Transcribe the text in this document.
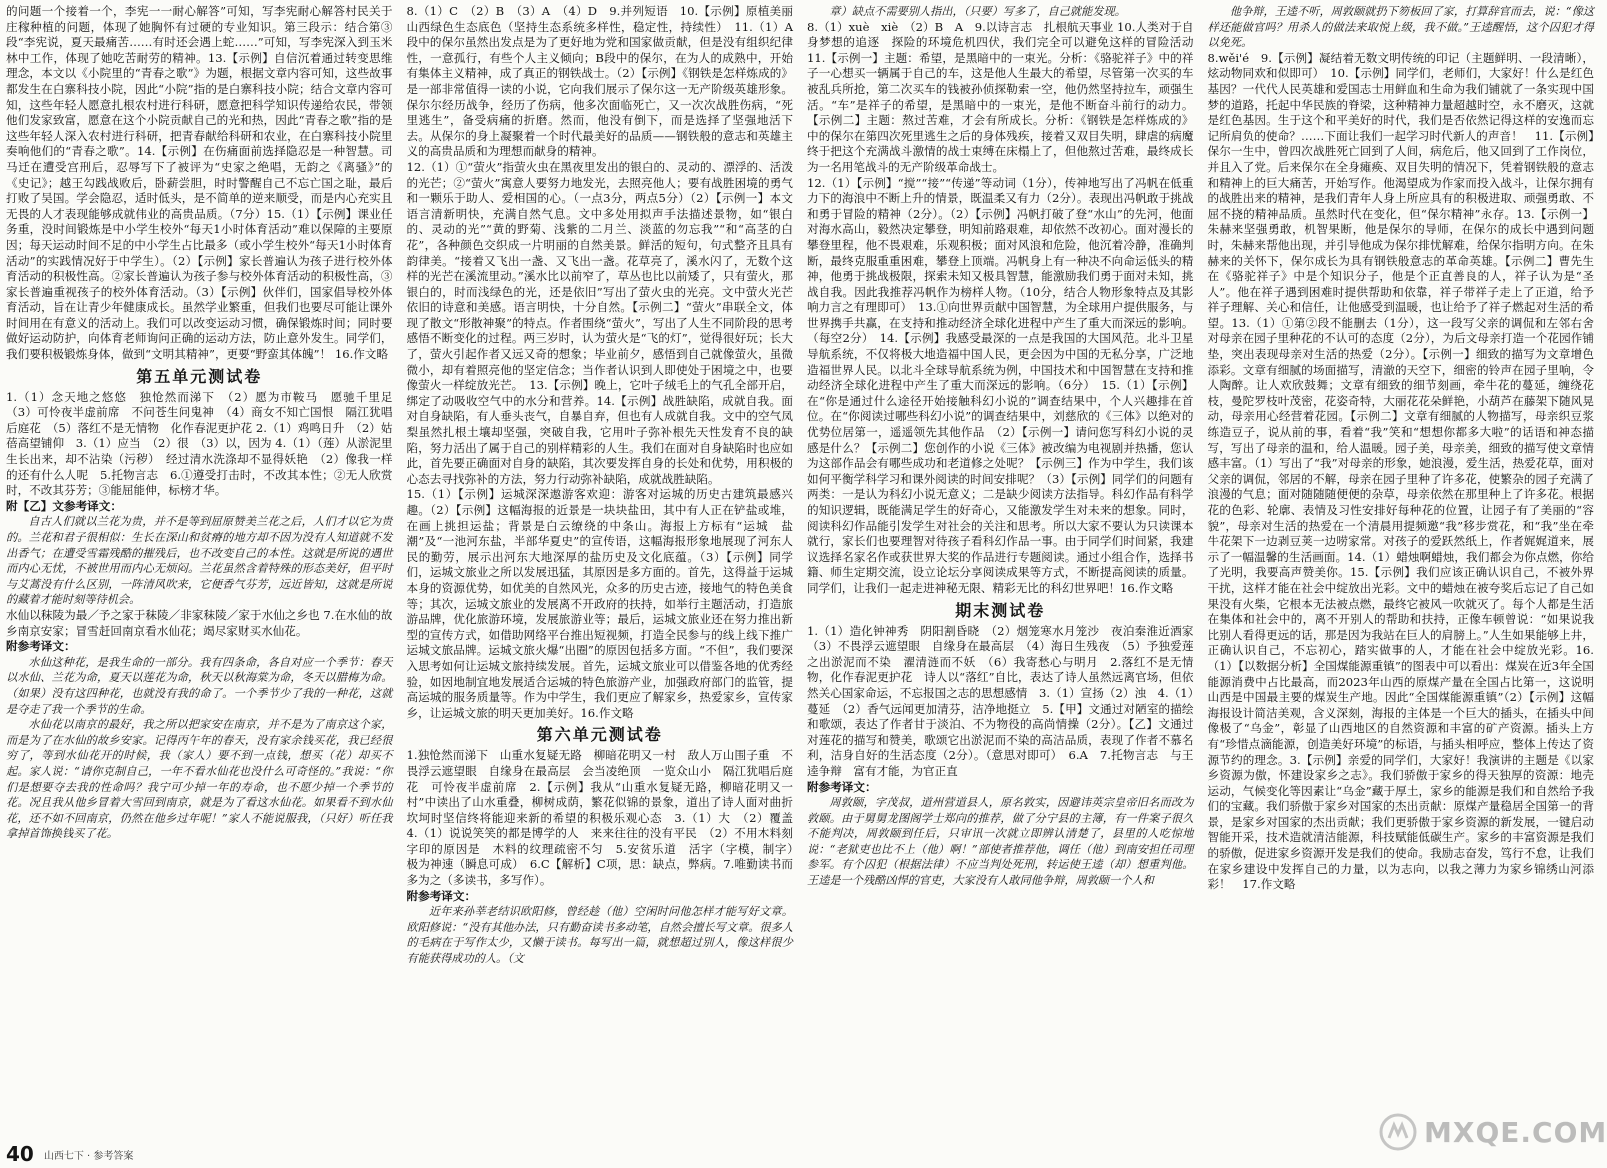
的问题一个接着一个，李宪一一耐心解答”可知，写李宪耐心解答村民关于庄稼种植的问题，体现了她胸怀有过硬的专业知识。第三段示：结合第③段“李宪说，夏天最痛苦……有时还会遇上蛇……”可知，写李宪深入到玉米林中工作，体现了她吃苦耐劳的精神。13.【示例】自信沉着通过转变思维理念，本文以《小院里的“青春之歌”》为题，根据文章内容可知，这些故事都发生在白寨科技小院，因此“小院”指的是白寨科技小院；结合文章内容可知，这些年轻人愿意扎根农村进行科研，愿意把科学知识传递给农民，带领他们发家致富，愿意在这个小院贡献自己的光和热，因此“青春之歌”指的是这些年轻人深入农村进行科研，把青春献给科研和农业，在白寨科技小院里奏响他们的“青春之歌”。14.【示例】在伤痛面前选择隐忍是一种智慧。司马迁在遭受宫刑后，忍辱写下了被评为“史家之绝唱，无韵之《离骚》”的《史记》；越王勾践战败后，卧薪尝胆，时时警醒自己不忘亡国之耻，最后打败了吴国。学会隐忍，适时低头，是不简单的逆来顺受，而是内心充实且无畏的人才表现能够成就伟业的高贵品质。（7分）15.（1）【示例】课业任务重，没时间锻炼是中小学生校外“每天1小时体育活动”难以保障的主要原因；每天运动时间不足的中小学生占比最多（或小学生校外“每天1小时体育活动”的实践情况好于中学生）。（2）【示例】家长普遍认为孩子进行校外体育活动的积极性高。②家长普遍认为孩子参与校外体育活动的积极性高，③家长普遍重视孩子的校外体育活动。（3）【示例】伙伴们，国家倡导校外体育活动，旨在让青少年健康成长。虽然学业繁重，但我们也要尽可能让课外时间用在有意义的活动上。我们可以改变运动习惯，确保锻炼时间；同时要做好运动防护，向体育老师询问正确的运动方法，防止意外发生。同学们，我们要积极锻炼身体，做到“文明其精神”，更要“野蛮其体魄”！ 16.作文略

第五单元测试卷

1.（1）念天地之悠悠　独怆然而涕下　（2）愿为市鞍马　愿驰千里足　（3）可怜夜半虚前席　不问苍生问鬼神　（4）商女不知亡国恨　隔江犹唱后庭花　（5）落红不是无情物　化作春泥更护花 2.（1）鸡鸣日升　（2）姑蓓高望铺仰　3.（1）应当　（2）很　（3）以，因为 4.（1）（莲）从淤泥里生长出来，却不沾染（污秽）　经过清水洗涤却不显得妖艳　（2）像我一样的还有什么人呢　5.托物言志　6.①遵受打击时，不改其本性；②无人欣赏时，不改其芬芳；③能屈能伸，标榜才华。

附【乙】文参考译文：

自古人们就以兰花为贵，并不是等到屈原赞美兰花之后，人们才以它为贵的。兰花和君子很相似：生长在深山和贫瘠的地方却不因为没有人知道就不发出香气；在遭受雪霜残酷的摧残后，也不改变自己的本性。这就是所说的遇世而内心无忧，不被世用而内心无烦闷。兰花虽然含着特殊的形态美好，但平时与艾蒿没有什么区别，一阵清风吹来，它便香气芬芳，远近皆知，这就是所说的藏着才能时刻等待机会。

水仙以秣陵为最／予之家于秣陵／非家秣陵／家于水仙之乡也 7.在水仙的故乡南京安家；冒雪赶回南京看水仙花；竭尽家财买水仙花。

附参考译文：

水仙这种花，是我生命的一部分。我有四条命，各自对应一个季节：春天以水仙、兰花为命，夏天以莲花为命，秋天以秋海棠为命，冬天以腊梅为命。（如果）没有这四种花，也就没有我的命了。一个季节少了我的一种花，这就是夺走了我一个季节的生命。

水仙花以南京的最好，我之所以把家安在南京，并不是为了南京这个家，而是为了在水仙的故乡安家。记得丙午年的春天，没有家余钱买花，我已经很穷了，等到水仙花开的时候，我（家人）要不到一点钱，想买（花）却买不起。家人说：“请你克制自己，一年不看水仙花也没什么可奇怪的。”我说：“你们是想要夺去我的性命吗？我宁可少掉一年的寿命，也不愿少掉一个季节的花。况且我从他乡冒着大雪回到南京，就是为了看这水仙花。如果看不到水仙花，还不如不回南京，仍然在他乡过年呢！”家人不能说服我，（只好）听任我拿掉首饰换钱买了花。

8.（1）C　（2）B　（3）A　（4）D　9.并列短语　10.【示例】原植美丽山西绿色生态底色（坚持生态系统多样性，稳定性，持续性）　11.（1）A段中的保尔虽然出发点是为了更好地为党和国家做贡献，但是没有组织纪律性，一意孤行，有些个人主义倾向；B段中的保尔，在为人的成熟中，开始有集体主义精神，成了真正的钢铁战士。（2）【示例】《钢铁是怎样炼成的》是一部非常值得一读的小说，它向我们展示了保尔这一无产阶级英雄形象。保尔尔经历战争，经历了伤病，他多次面临死亡，又一次次战胜伤病，“死里逃生”，备受病痛的折磨。然而，他没有倒下，而是选择了坚强地活下去。从保尔的身上凝聚着一个时代最美好的品质——钢铁般的意志和英雄主义的高贵品质和为理想而献身的精神。

12.（1）①“萤火”指萤火虫在黑夜里发出的银白的、灵动的、漂浮的、活泼的光芒；②“萤火”寓意人要努力地发光，去照亮他人；要有战胜困境的勇气和一颗乐于助人、爱相国的心。（一点3分，两点5分）（2）【示例一】本文语言清新明快，充满自然气息。文中多处用拟声手法描述景物，如“银白的、灵动的光”“黄的野菊、浅紫的二月兰、淡蓝的勿忘我”“和“高茎的白花”，各种颜色交织成一片明丽的自然美景。鲜活的短句，句式整齐且具有韵律美。“接着又飞出一盏、又飞出一盏。花草亮了，溪水闪了，无数个这样的光芒在溪流里动。”溪水比以前窄了，草丛也比以前矮了，只有萤火，那银白的，时而浅绿色的光，还是依旧”写出了萤火虫的光亮。文中萤火光芒依旧的诗意和美感。语言明快，十分自然。【示例二】“萤火”串联全文，体现了散文“形散神聚”的特点。作者围绕“萤火”，写出了人生不同阶段的思考感悟不断变化的过程。两三岁时，认为萤火是“飞的灯”，觉得很好玩；长大了，萤火引起作者又远又奇的想象；毕业前夕，感悟到自己就像萤火，虽微微小，却有着照亮他的坚定信念；当作者认识到人即使处于困境之中，也要像萤火一样绽放光芒。　13.【示例】晚上，它叶子绒毛上的气孔全部开启，绑定了动吸收空气中的水分和营养。14.【示例】战胜缺陷，成就自我。面对自身缺陷，有人垂头丧气，自暴自弃，但也有人成就自我。文中的空气凤梨虽然扎根土壤却坚强，突破自我，它用叶子弥补根先天性发育不良的缺陷，努力活出了属于自己的别样精彩的人生。我们在面对自身缺陷时也应如此，首先要正确面对自身的缺陷，其次要发挥自身的长处和优势，用积极的心态去寻找弥补的方法，努力行动弥补缺陷，成就战胜缺陷。

15.（1）【示例】运城深深遨游客欢迎：游客对运城的历史古建筑最感兴趣。（2）【示例】这幅海报的近景是一块块盐田，其中有人正在铲盐或堆，在画上挑担运盐；背景是白云缭绕的中条山。海报上方标有“运城　盐潮”及“一池河东盐，半部华夏史”的宣传语，这幅海报形象地展现了河东人民的勤劳，展示出河东大地深厚的盐历史及文化底蕴。（3）【示例】同学们，运城文旅业之所以发展迅猛，其原因是多方面的。首先，这得益于运城本身的资源优势，如优美的自然风光，众多的历史古迹，接地气的特色美食等；其次，运城文旅业的发展离不开政府的扶持，如举行主题活动，打造旅游品牌，优化旅游环境，发展旅游业等；最后，运城文旅业还在努力推出新型的宣传方式，如借助网络平台推出短视频，打造全民参与的线上线下推广运城文旅品牌。运城文旅火爆“出圈”的原因包括多方面。“不但”，我们要深入思考如何让运城文旅持续发展。首先，运城文旅业可以借鉴各地的优秀经验，如因地制宜地发展适合运城的特色旅游产业，加强政府部门的监管，提高运城的服务质量等。作为中学生，我们更应了解家乡，热爱家乡，宣传家乡，让运城文旅的明天更加美好。16.作文略

第六单元测试卷

1.独怆然而涕下　山重水复疑无路　柳暗花明又一村　敌人万山围子重　不畏浮云遮望眼　自缘身在最高层　会当凌绝顶　一览众山小　隔江犹唱后庭花　可怜夜半虚前席　2.【示例】我从“山重水复疑无路，柳暗花明又一村”中读出了山水重叠，柳树成荫，繁花似锦的景象，道出了诗人面对曲折坎坷时坚信终将能迎来新的希望的积极乐观心态　3.（1）大　（2）覆盖　4.（1）说说笑笑的都是博学的人　来来往往的没有平民　（2）不用木料刻字印的原因是　木料的纹理疏密不匀　5.安贫乐道　活字（字模，制字）　极为神速（瞬息可成）　6.C【解析】C项，思：缺点，弊病。7.唯勤读书而多为之（多读书，多写作）。

附参考译文：

近年来孙莘老结识欧阳修，曾经趁（他）空闲时问他怎样才能写好文章。欧阳修说：“没有其他办法，只有勤奋读书多动笔，自然会擅长写文章。很多人的毛病在于写作太少，又懒于读书。每写出一篇，就想超过别人，像这样很少有能获得成功的人。（文

章）缺点不需要别人指出，（只要）写多了，自己就能发现。

8.（1）xuè　xiè　（2）B　A　9.以诗言志　扎根航天事业 10.人类对于自身梦想的追逐　探险的环境危机四伏，我们完全可以避免这样的冒险活动　11.【示例一】主题：希望，是黑暗中的一束光。分析：《骆驼祥子》中的祥子一心想买一辆属于自己的车，这是他人生最大的希望，尽管第一次买的车被乱兵所抢，第二次买车的钱被孙侦探勒索一空，他仍然坚持拉车，顽强生活。“车”是祥子的希望，是黑暗中的一束光，是他不断奋斗前行的动力。【示例二】主题：熬过苦难，才会有所成长。分析：《钢铁是怎样炼成的》中的保尔在第四次死里逃生之后的身体残疾，接着又双目失明，肆虐的病魔终于把这个充满战斗激情的战士束缚在床榻上了，但他熬过苦难，最终成长为一名用笔战斗的无产阶级革命战士。

12.（1）【示例】“搅”“接”“传递”等动词（1分），传神地写出了冯帆在低重力下的海浪中不断上升的情景，既温柔又有力（2分）。表现出冯帆敢于挑战和勇于冒险的精神（2分）。（2）【示例】冯帆打破了登“水山”的先河，他面对海水高山，毅然决定攀登，明知前路艰难，却依然不改初心。面对漫长的攀登里程，他不畏艰难，乐观积极；面对风浪和危险，他沉着冷静，准确判断，最终克服重重困难，攀登上顶端。冯帆身上有一种决不向命运低头的精神，他勇于挑战极限，探索未知又极具智慧，能激励我们勇于面对未知，挑战自我。因此我推荐冯帆作为榜样人物。（10分，结合人物形象特点及其影响力言之有理即可）　13.①向世界贡献中国智慧，为全球用户提供服务，与世界携手共赢，在支持和推动经济全球化进程中产生了重大而深远的影响。（每空2分）　14.【示例】我感受最深的一点是我国的大国风范。北斗卫星导航系统，不仅将极大地造福中国人民，更会因为中国的无私分享，广泛地造福世界人民。以北斗全球导航系统为例，中国技术和中国智慧在支持和推动经济全球化进程中产生了重大而深远的影响。（6分）　15.（1）【示例】在“你是通过什么途径开始接触科幻小说的”调查结果中，个人兴趣排在首位。在“你阅读过哪些科幻小说”的调查结果中，刘慈欣的《三体》以绝对的优势位居第一，遥遥领先其他作品　（2）【示例一】请问您写科幻小说的灵感是什么？【示例二】您创作的小说《三体》被改编为电视剧并热播，您认为这部作品会有哪些成功和老道修之处呢？【示例三】作为中学生，我们该如何平衡学科学习和课外阅读的时间安排呢？（3）【示例】同学们的问题有两类：一是认为科幻小说无意义；二是缺少阅读方法指导。科幻作品有科学的知识逻辑，既能满足学生的好奇心，又能激发学生对未来的想象。同时，阅读科幻作品能引发学生对社会的关注和思考。所以大家不要认为只读课本就行，家长们也要理智对待孩子看科幻作品一事。由于同学们时间紧，我建议选择名家名作或获世界大奖的作品进行专题阅读。通过小组合作，选择书籍、师生定期交流，设立论坛分享阅读成果等方式，不断提高阅读的质量。同学们，让我们一起走进神秘无限、精彩无比的科幻世界吧！16.作文略

期末测试卷

1.（1）造化钟神秀　阴阳割昏晓　（2）烟笼寒水月笼沙　夜泊秦淮近酒家　（3）不畏浮云遮望眼　自缘身在最高层　（4）海日生残夜　（5）予独爱莲之出淤泥而不染　濯清涟而不妖　（6）我寄愁心与明月　2.落红不是无情物，化作春泥更护花　诗人以“落红”自比，表达了诗人虽然远离官场，但依然关心国家命运，不忘报国之志的思想感情　3.（1）宣扬（2）浊　4.（1）蔓延　（2）香气远闻更加清芬，洁净地挺立　5.【甲】文通过对陋室的描绘和歌颂，表达了作者甘于淡泊、不为物役的高尚情操（2分）。【乙】文通过对莲花的描写和赞美，歌颂它出淤泥而不染的高洁品质，表现了作者不慕名利，洁身自好的生活态度（2分）。（意思对即可）　6.A　7.托物言志　与王逵争辩　富有才能，为官正直

附参考译文：

周敦颐，字茂叔，道州营道县人，原名敦实，因避讳英宗皇帝旧名而改为敦颐。由于舅舅龙图阁学士郑向的推荐，做了分宁县的主簿，有一件案子很久不能判决，周敦颐到任后，只审讯一次就立即辨认清楚了，县里的人吃惊地说：“老狱吏也比不上（他）啊！”部使者推荐他，调任（他）到南安担任司理参军。有个囚犯（根据法律）不应当判处死刑，转运使王逵（却）想重判他。王逵是一个残酷凶悍的官吏，大家没有人敢同他争辩，周敦颐一个人和

他争辩，王逵不听，周敦颐就扔下笏板回了家，打算辞官而去，说：“像这样还能做官吗？用杀人的做法来取悦上级，我不做。”王逵醒悟，这个囚犯才得以免死。

8.wěi'é　9.【示例】凝结着无数文明传统的印记（主题鲜明、一段清晰），炫动物同欢和似即可）　10.【示例】同学们，老师们，大家好！什么是红色基因？一代代人民英雄和爱国志士用鲜血和生命为我们铺就了一条实现中国梦的道路，托起中华民族的脊梁，这种精神力量超越时空，永不磨灭，这就是红色基因。生于这个和平美好的时代，我们是否依然记得这样的安逸而忘记所肩负的使命？……下面让我们一起学习时代新人的声音！　11.【示例】保尔一生中，曾四次战胜死亡回到了人间，病危后，他又回到了工作岗位，并且入了党。后来保尔在全身瘫痪、双目失明的情况下，凭着钢铁般的意志和精神上的巨大痛苦，开始写作。他渴望成为作家而投入战斗，让保尔拥有的战胜出来的精神，是我们青年人身上所应具有的积极进取、顽强勇敢、不屈不挠的精神品质。虽然时代在变化，但“保尔精神”永存。13.【示例一】朱赫来坚强勇敢，机智果断，他是保尔的导师，在保尔的成长中遇到问题时，朱赫来帮他出现，并引导他成为保尔排忧解难，给保尔指明方向。在朱赫来的关怀下，保尔成长为具有钢铁般意志的革命英雄。【示例二】曹先生在《骆驼祥子》中是个知识分子，他是个正直善良的人，祥子认为是“圣人”。他在祥子遇到困难时提供帮助和依靠，祥子带祥子走上了正道，给予祥子理解、关心和信任，让他感受到温暖，也让给予了祥子燃起对生活的希望。13.（1）①第②段不能删去（1分），这一段写父亲的调侃和左邻右舍对母亲在园子里种花的不认可的态度（2分），为后文母亲打造一个花园作铺垫，突出表现母亲对生活的热爱（2分）。【示例一】细致的描写为文章增色添彩。文章有细腻的场面描写，清澈的天空下，细密的铃声在园子里响，令人陶醉。让人欢欣鼓舞；文章有细致的细节刻画，牵牛花的蔓延，缠绕花枝，曼陀罗枝叶茂密，花姿奇特，大丽花花朵鲜艳，小葫芦在藤架下随风晃动，母亲用心经营着花园。【示例二】文章有细腻的人物描写，母亲织豆浆练造豆子，说从前的事，看着“我”笑和“想想你都多大啦”的话语和神态描写，写出了母亲的温和，给人温暖。园子美，母亲美，细致的描写使文章情感丰富。（1）写出了“我”对母亲的形象，她浪漫，爱生活，热爱花草，面对父亲的调侃，邻居的不解，母亲在园子里种了许多花，使繁杂的园子充满了浪漫的气息；面对随随随便便的杂草，母亲依然在那里种上了许多花。根据花的色彩、轮廓、表情及习性安排好每种花的位置，让园子有了美丽的“容貌”，母亲对生活的热爱在一个清晨用提频邀“我”移步赏花，和“我”坐在牵牛花架下一边剥豆荚一边唠家常。对孩子的爱跃然纸上，作者娓娓道来，展示了一幅温馨的生活画面。14.（1）蜡烛啊蜡烛，我们都会为你点燃，你给了光明，我要高声赞美你。15.【示例】我们应该正确认识自己，不被外界干扰，这样才能在社会中绽放出光彩。文中的蜡烛在被夸奖后忘记了自己如果没有火柴，它根本无法被点燃，最终它被风一吹就灭了。每个人都是生活在集体和社会中的，离不开别人的帮助和扶持，正像车顿曾说：“如果说我比别人看得更远的话，那是因为我站在巨人的肩膀上。”人生如果能够上井，正确认识自己，不忘初心，踏实做事的人，才能在社会中绽放光彩。16.（1）【以数据分析】全国煤能源重镇”的图表中可以看出：煤炭在近3年全国能源消费中占比最高，而2023年山西的原煤产量在全国占比第一，这说明山西是中国最主要的煤炭生产地。因此“全国煤能源重镇”（2）【示例】这幅海报设计简洁美观，含义深刻，海报的主体是一个巨大的插头，在插头中间像极了“乌金”，彰显了山西地区的自然资源和丰富的矿产资源。插头上方有“珍惜点滴能源，创造美好环境”的标语，与插头相呼应，整体上传达了资源节约的理念。3.【示例】亲爱的同学们，大家好！我演讲的主题是《以家乡资源为傲，怀建设家乡之志》。我们骄傲于家乡的得天独厚的资源：地壳运动，气候变化等因素让“乌金”藏于厚土，家乡的能源是我们和自然给予我们的宝藏。我们骄傲于家乡对国家的杰出贡献：原煤产量稳居全国第一的背景，是家乡对国家的杰出贡献；我们更骄傲于家乡资源的新发展，一键启动智能开采，技术造就清洁能源，科技赋能低碳生产。家乡的丰富资源是我们的骄傲，促进家乡资源开发是我们的使命。我励志奋发，笃行不怠，让我们在家乡建设中发挥自己的力量，以为志向，以我之薄力为家乡锦绣山河添彩！　17.作文略

40 山西七下 · 参考答案
MXQE.COM
